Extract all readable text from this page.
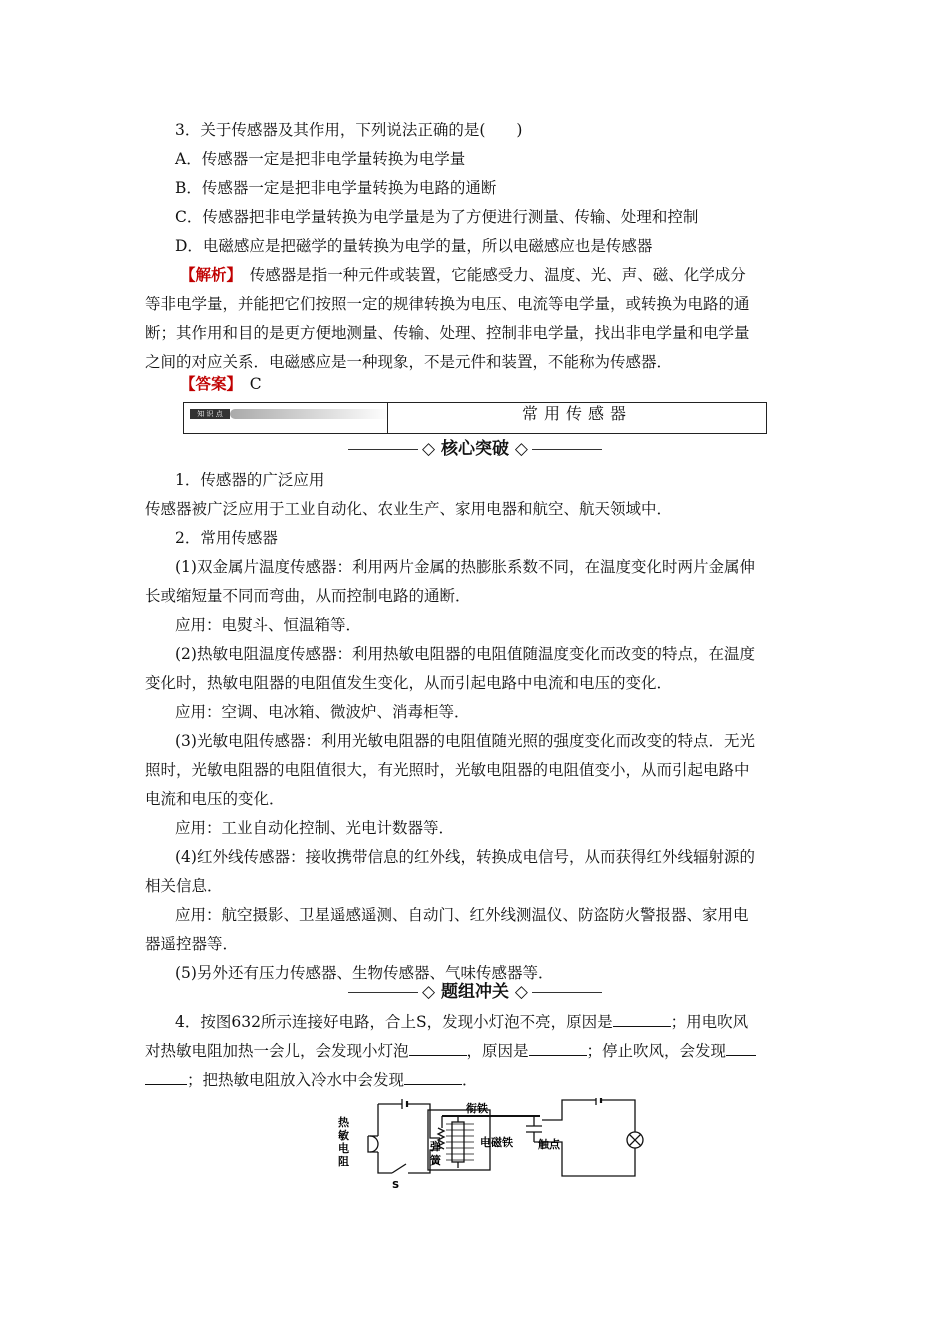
3．关于传感器及其作用，下列说法正确的是(　　)

A．传感器一定是把非电学量转换为电学量

B．传感器一定是把非电学量转换为电路的通断

C．传感器把非电学量转换为电学量是为了方便进行测量、传输、处理和控制

D．电磁感应是把磁学的量转换为电学的量，所以电磁感应也是传感器

【解析】　 传感器是指一种元件或装置，它能感受力、温度、光、声、磁、化学成分

等非电学量，并能把它们按照一定的规律转换为电压、电流等电学量，或转换为电路的通

断；其作用和目的是更方便地测量、传输、处理、控制非电学量，找出非电学量和电学量

之间的对应关系．电磁感应是一种现象，不是元件和装置，不能称为传感器．

【答案】　 C

知 识 点	常用传感器
◇ 核心突破 ◇

1．传感器的广泛应用

传感器被广泛应用于工业自动化、农业生产、家用电器和航空、航天领域中．

2．常用传感器

(1)双金属片温度传感器：利用两片金属的热膨胀系数不同，在温度变化时两片金属伸

长或缩短量不同而弯曲，从而控制电路的通断．

应用：电熨斗、恒温箱等．

(2)热敏电阻温度传感器：利用热敏电阻器的电阻值随温度变化而改变的特点，在温度

变化时，热敏电阻器的电阻值发生变化，从而引起电路中电流和电压的变化．

应用：空调、电冰箱、微波炉、消毒柜等．

(3)光敏电阻传感器：利用光敏电阻器的电阻值随光照的强度变化而改变的特点．无光

照时，光敏电阻器的电阻值很大，有光照时，光敏电阻器的电阻值变小，从而引起电路中

电流和电压的变化．

应用：工业自动化控制、光电计数器等．

(4)红外线传感器：接收携带信息的红外线，转换成电信号，从而获得红外线辐射源的

相关信息．

应用：航空摄影、卫星遥感遥测、自动门、红外线测温仪、防盗防火警报器、家用电

器遥控器等．

(5)另外还有压力传感器、生物传感器、气味传感器等．

◇ 题组冲关 ◇

4．按图632所示连接好电路，合上S，发现小灯泡不亮，原因是	；用电吹风

对热敏电阻加热一会儿，会发现小灯泡	，原因是	；停止吹风，会发现

；把热敏电阻放入冷水中会发现	．

热
敏
电
阻
弹
簧
衔铁
电磁铁 触点
S
